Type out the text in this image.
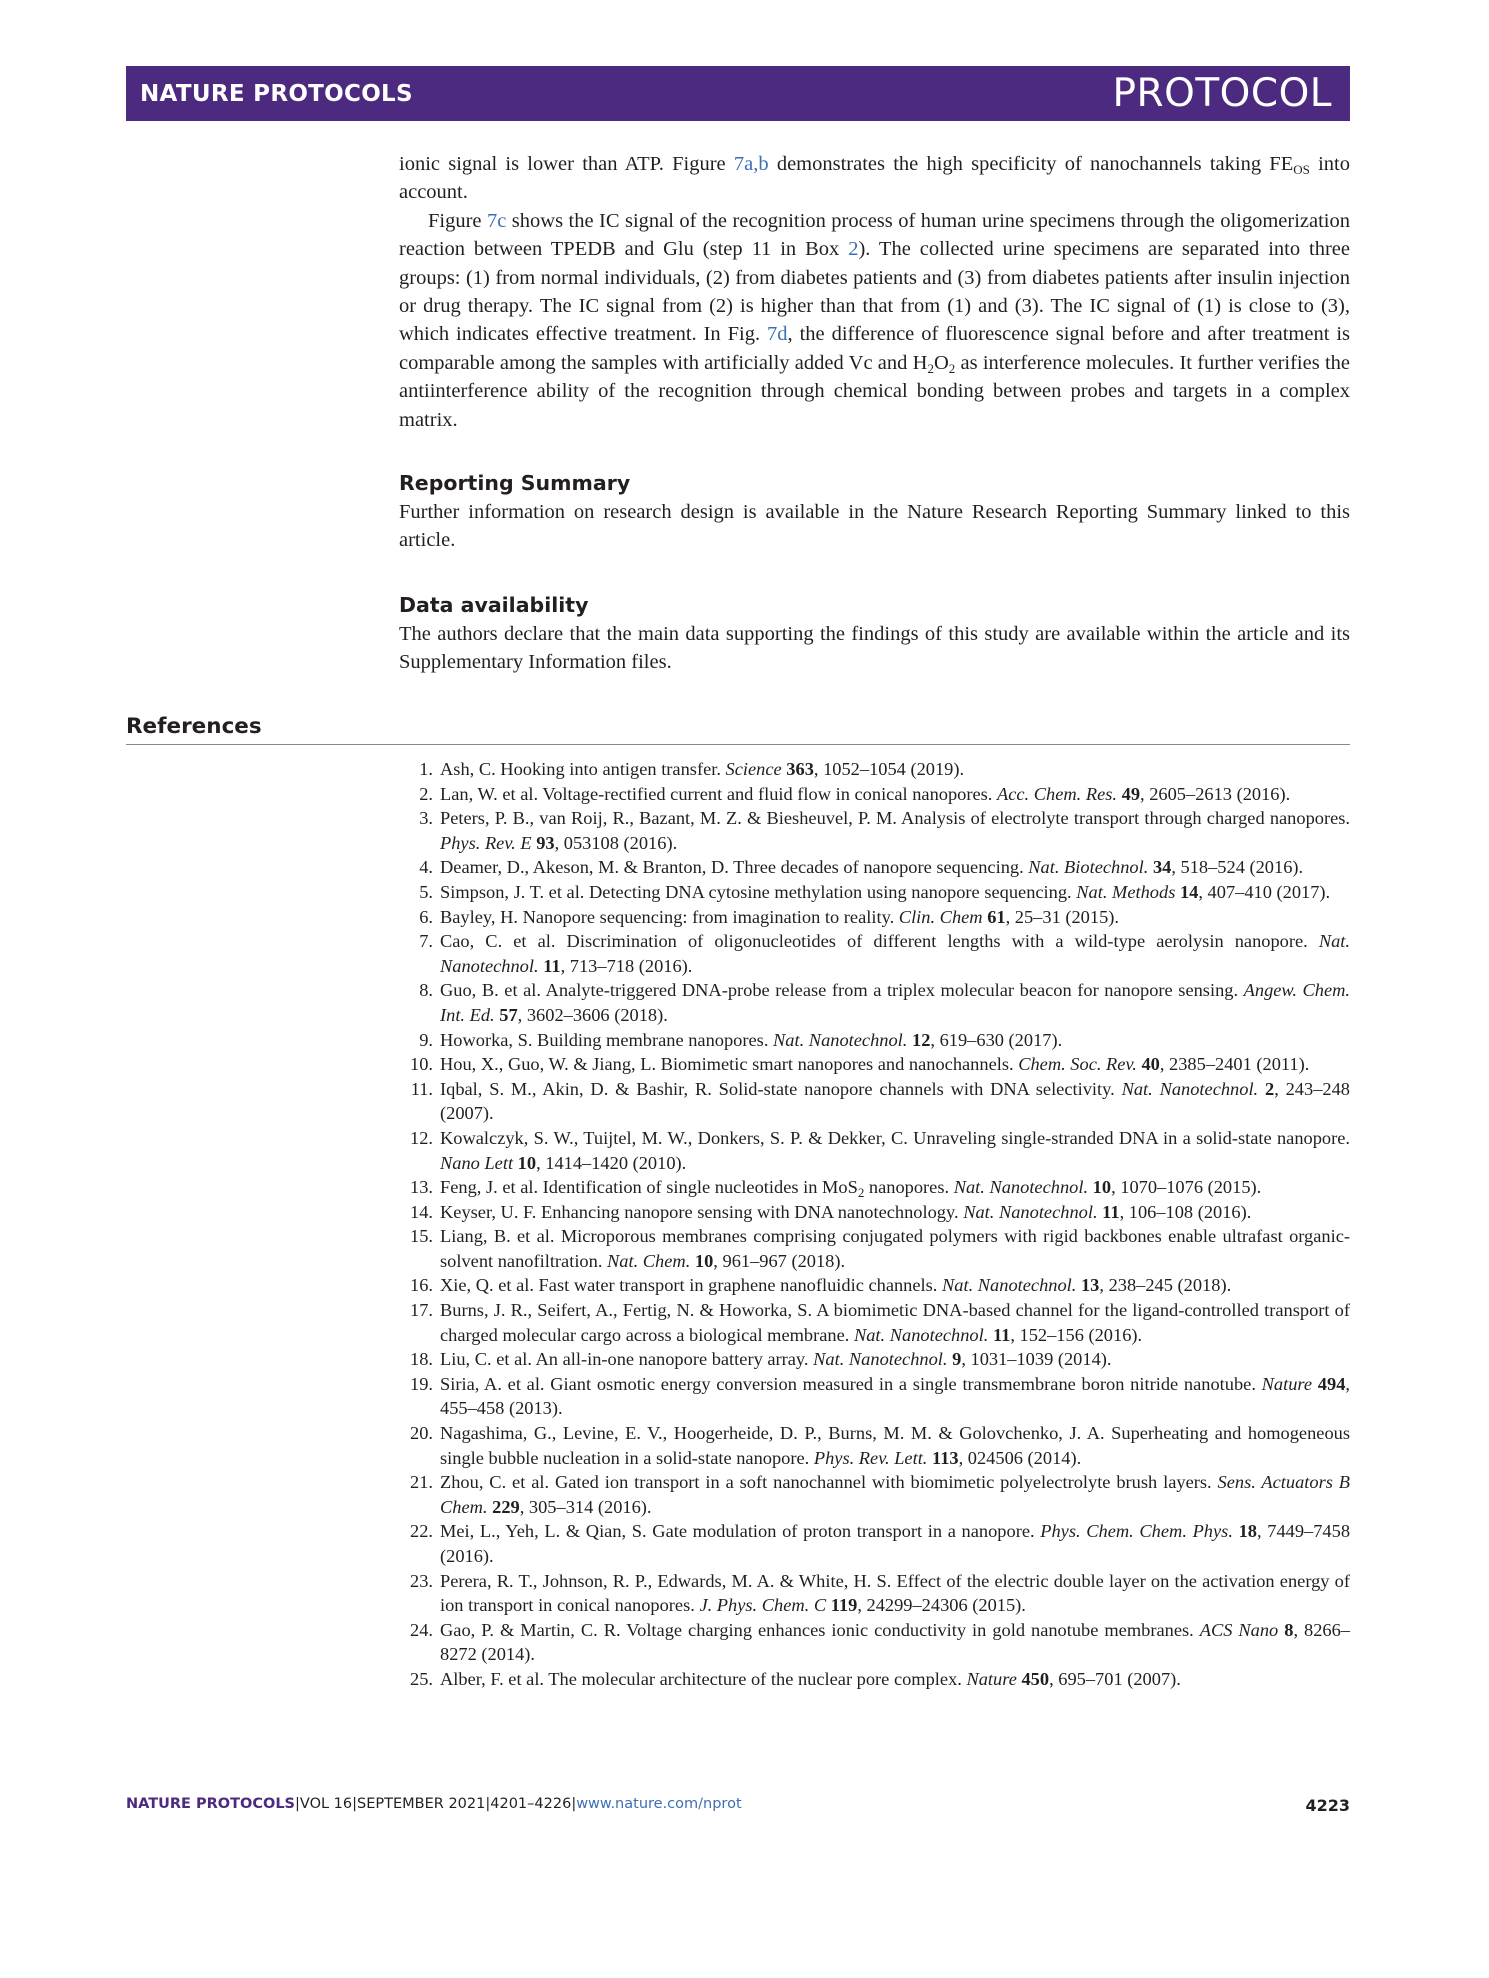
NATURE PROTOCOLS	PROTOCOL

ionic signal is lower than ATP. Figure 7a,b demonstrates the high specificity of nanochannels taking $FE_{OS}$ into account.

Figure 7c shows the IC signal of the recognition process of human urine specimens through the oligomerization reaction between TPEDB and Glu (step 11 in Box 2). The collected urine specimens are separated into three groups: (1) from normal individuals, (2) from diabetes patients and (3) from diabetes patients after insulin injection or drug therapy. The IC signal from (2) is higher than that from (1) and (3). The IC signal of (1) is close to (3), which indicates effective treatment. In Fig. 7d, the difference of fluorescence signal before and after treatment is comparable among the samples with artificially added Vc and $H_2O_2$ as interference molecules. It further verifies the antiinterference ability of the recognition through chemical bonding between probes and targets in a complex matrix.

Reporting Summary

Further information on research design is available in the Nature Research Reporting Summary linked to this article.

Data availability

The authors declare that the main data supporting the findings of this study are available within the article and its Supplementary Information files.

References
1. Ash, C. Hooking into antigen transfer. Science 363, 1052–1054 (2019).
2. Lan, W. et al. Voltage-rectified current and fluid flow in conical nanopores. Acc. Chem. Res. 49, 2605–2613 (2016).
3. Peters, P. B., van Roij, R., Bazant, M. Z. & Biesheuvel, P. M. Analysis of electrolyte transport through charged nanopores. Phys. Rev. E 93, 053108 (2016).
4. Deamer, D., Akeson, M. & Branton, D. Three decades of nanopore sequencing. Nat. Biotechnol. 34, 518–524 (2016).
5. Simpson, J. T. et al. Detecting DNA cytosine methylation using nanopore sequencing. Nat. Methods 14, 407–410 (2017).
6. Bayley, H. Nanopore sequencing: from imagination to reality. Clin. Chem 61, 25–31 (2015).
7. Cao, C. et al. Discrimination of oligonucleotides of different lengths with a wild-type aerolysin nanopore. Nat. Nanotechnol. 11, 713–718 (2016).
8. Guo, B. et al. Analyte-triggered DNA-probe release from a triplex molecular beacon for nanopore sensing. Angew. Chem. Int. Ed. 57, 3602–3606 (2018).
9. Howorka, S. Building membrane nanopores. Nat. Nanotechnol. 12, 619–630 (2017).
10. Hou, X., Guo, W. & Jiang, L. Biomimetic smart nanopores and nanochannels. Chem. Soc. Rev. 40, 2385–2401 (2011).
11. Iqbal, S. M., Akin, D. & Bashir, R. Solid-state nanopore channels with DNA selectivity. Nat. Nanotechnol. 2, 243–248 (2007).
12. Kowalczyk, S. W., Tuijtel, M. W., Donkers, S. P. & Dekker, C. Unraveling single-stranded DNA in a solid-state nanopore. Nano Lett 10, 1414–1420 (2010).
13. Feng, J. et al. Identification of single nucleotides in MoS$_2$ nanopores. Nat. Nanotechnol. 10, 1070–1076 (2015).
14. Keyser, U. F. Enhancing nanopore sensing with DNA nanotechnology. Nat. Nanotechnol. 11, 106–108 (2016).
15. Liang, B. et al. Microporous membranes comprising conjugated polymers with rigid backbones enable ultrafast organic-solvent nanofiltration. Nat. Chem. 10, 961–967 (2018).
16. Xie, Q. et al. Fast water transport in graphene nanofluidic channels. Nat. Nanotechnol. 13, 238–245 (2018).
17. Burns, J. R., Seifert, A., Fertig, N. & Howorka, S. A biomimetic DNA-based channel for the ligand-controlled transport of charged molecular cargo across a biological membrane. Nat. Nanotechnol. 11, 152–156 (2016).
18. Liu, C. et al. An all-in-one nanopore battery array. Nat. Nanotechnol. 9, 1031–1039 (2014).
19. Siria, A. et al. Giant osmotic energy conversion measured in a single transmembrane boron nitride nanotube. Nature 494, 455–458 (2013).
20. Nagashima, G., Levine, E. V., Hoogerheide, D. P., Burns, M. M. & Golovchenko, J. A. Superheating and homogeneous single bubble nucleation in a solid-state nanopore. Phys. Rev. Lett. 113, 024506 (2014).
21. Zhou, C. et al. Gated ion transport in a soft nanochannel with biomimetic polyelectrolyte brush layers. Sens. Actuators B Chem. 229, 305–314 (2016).
22. Mei, L., Yeh, L. & Qian, S. Gate modulation of proton transport in a nanopore. Phys. Chem. Chem. Phys. 18, 7449–7458 (2016).
23. Perera, R. T., Johnson, R. P., Edwards, M. A. & White, H. S. Effect of the electric double layer on the activation energy of ion transport in conical nanopores. J. Phys. Chem. C 119, 24299–24306 (2015).
24. Gao, P. & Martin, C. R. Voltage charging enhances ionic conductivity in gold nanotube membranes. ACS Nano 8, 8266–8272 (2014).
25. Alber, F. et al. The molecular architecture of the nuclear pore complex. Nature 450, 695–701 (2007).
NATURE PROTOCOLS|VOL 16|SEPTEMBER 2021|4201–4226|www.nature.com/nprot	4223
